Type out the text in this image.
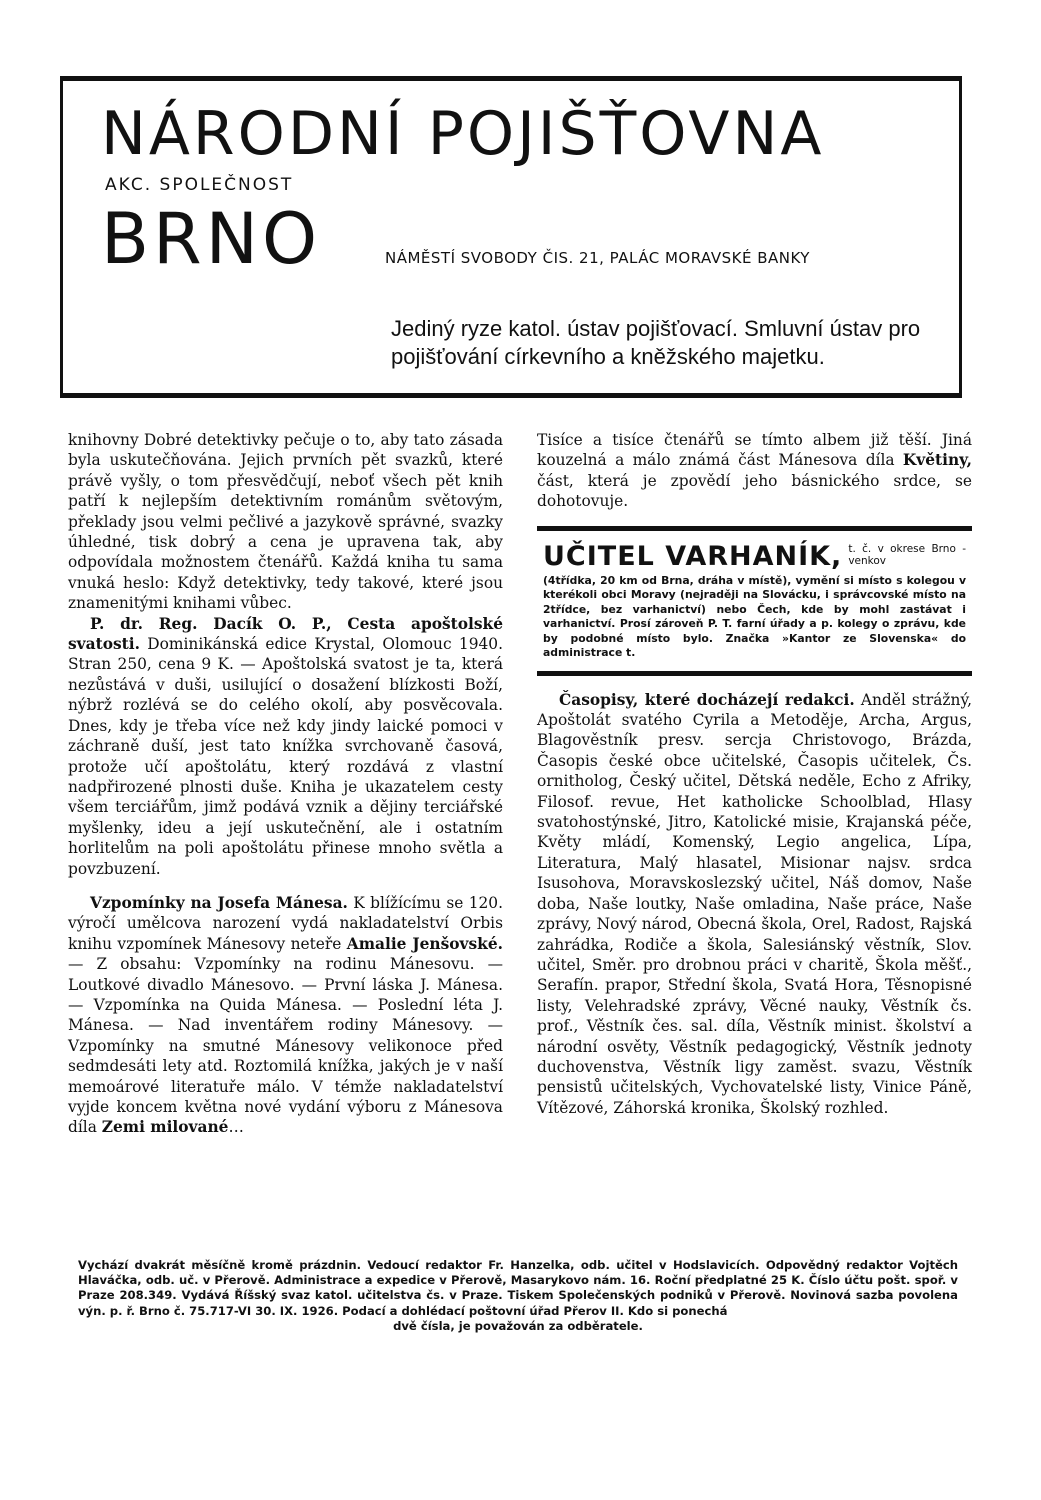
NÁRODNÍ POJIŠŤOVNA
AKC. SPOLEČNOST
BRNO	NÁMĚSTÍ SVOBODY ČIS. 21, PALÁC MORAVSKÉ BANKY
Jediný ryze katol. ústav pojišťovací. Smluvní ústav pro pojišťování církevního a kněžského majetku.

knihovny Dobré detektivky pečuje o to, aby tato zásada byla uskutečňována. Jejich prvních pět svazků, které právě vyšly, o tom přesvědčují, neboť všech pět knih patří k nejlepším detektivním románům světovým, překlady jsou velmi pečlivé a jazykově správné, svazky úhledné, tisk dobrý a cena je upravena tak, aby odpovídala možnostem čtenářů. Každá kniha tu sama vnuká heslo: Když detektivky, tedy takové, které jsou znamenitými knihami vůbec.

P. dr. Reg. Dacík O. P., Cesta apoštolské svatosti. Dominikánská edice Krystal, Olomouc 1940. Stran 250, cena 9 K. — Apoštolská svatost je ta, která nezůstává v duši, usilující o dosažení blízkosti Boží, nýbrž rozlévá se do celého okolí, aby posvěcovala. Dnes, kdy je třeba více než kdy jindy laické pomoci v záchraně duší, jest tato knížka svrchovaně časová, protože učí apoštolátu, který rozdává z vlastní nadpřirozené plnosti duše. Kniha je ukazatelem cesty všem terciářům, jimž podává vznik a dějiny terciářské myšlenky, ideu a její uskutečnění, ale i ostatním horlitelům na poli apoštolátu přinese mnoho světla a povzbuzení.

Vzpomínky na Josefa Mánesa. K blížícímu se 120. výročí umělcova narození vydá nakladatelství Orbis knihu vzpomínek Mánesovy neteře Amalie Jenšovské. — Z obsahu: Vzpomínky na rodinu Mánesovu. — Loutkové divadlo Mánesovo. — První láska J. Mánesa. — Vzpomínka na Quida Mánesa. — Poslední léta J. Mánesa. — Nad inventářem rodiny Mánesovy. — Vzpomínky na smutné Mánesovy velikonoce před sedmdesáti lety atd. Roztomilá knížka, jakých je v naší memoárové literatuře málo. V témže nakladatelství vyjde koncem května nové vydání výboru z Mánesova díla Zemi milované…

Tisíce a tisíce čtenářů se tímto albem již těší. Jiná kouzelná a málo známá část Mánesova díla Květiny, část, která je zpovědí jeho básnického srdce, se dohotovuje.

UČITEL VARHANÍK, t. č. v okrese Brno - venkov
(4třídka, 20 km od Brna, dráha v místě), vymění si místo s kolegou v kterékoli obci Moravy (nejraději na Slovácku, i správcovské místo na 2třídce, bez varhanictví) nebo Čech, kde by mohl zastávat i varhanictví. Prosí zároveň P. T. farní úřady a p. kolegy o zprávu, kde by podobné místo bylo. Značka »Kantor ze Slovenska« do administrace t.

Časopisy, které docházejí redakci. Anděl strážný, Apoštolát svatého Cyrila a Metoděje, Archa, Argus, Blagověstník presv. sercja Christovogo, Brázda, Časopis české obce učitelské, Časopis učitelek, Čs. ornitholog, Český učitel, Dětská neděle, Echo z Afriky, Filosof. revue, Het katholicke Schoolblad, Hlasy svatohostýnské, Jitro, Katolické misie, Krajanská péče, Květy mládí, Komenský, Legio angelica, Lípa, Literatura, Malý hlasatel, Misionar najsv. srdca Isusohova, Moravskoslezský učitel, Náš domov, Naše doba, Naše loutky, Naše omladina, Naše práce, Naše zprávy, Nový národ, Obecná škola, Orel, Radost, Rajská zahrádka, Rodiče a škola, Salesiánský věstník, Slov. učitel, Směr. pro drobnou práci v charitě, Škola měšť., Serafín. prapor, Střední škola, Svatá Hora, Těsnopisné listy, Velehradské zprávy, Věcné nauky, Věstník čs. prof., Věstník čes. sal. díla, Věstník minist. školství a národní osvěty, Věstník pedagogický, Věstník jednoty duchovenstva, Věstník ligy zaměst. svazu, Věstník pensistů učitelských, Vychovatelské listy, Vinice Páně, Vítězové, Záhorská kronika, Školský rozhled.

Vychází dvakrát měsíčně kromě prázdnin. Vedoucí redaktor Fr. Hanzelka, odb. učitel v Hodslavicích. Odpovědný redaktor Vojtěch Hlaváčka, odb. uč. v Přerově. Administrace a expedice v Přerově, Masarykovo nám. 16. Roční předplatné 25 K. Číslo účtu pošt. spoř. v Praze 208.349. Vydává Říšský svaz katol. učitelstva čs. v Praze. Tiskem Společenských podniků v Přerově. Novinová sazba povolena výn. p. ř. Brno č. 75.717-VI 30. IX. 1926. Podací a dohlédací poštovní úřad Přerov II. Kdo si ponechá
dvě čísla, je považován za odběratele.
